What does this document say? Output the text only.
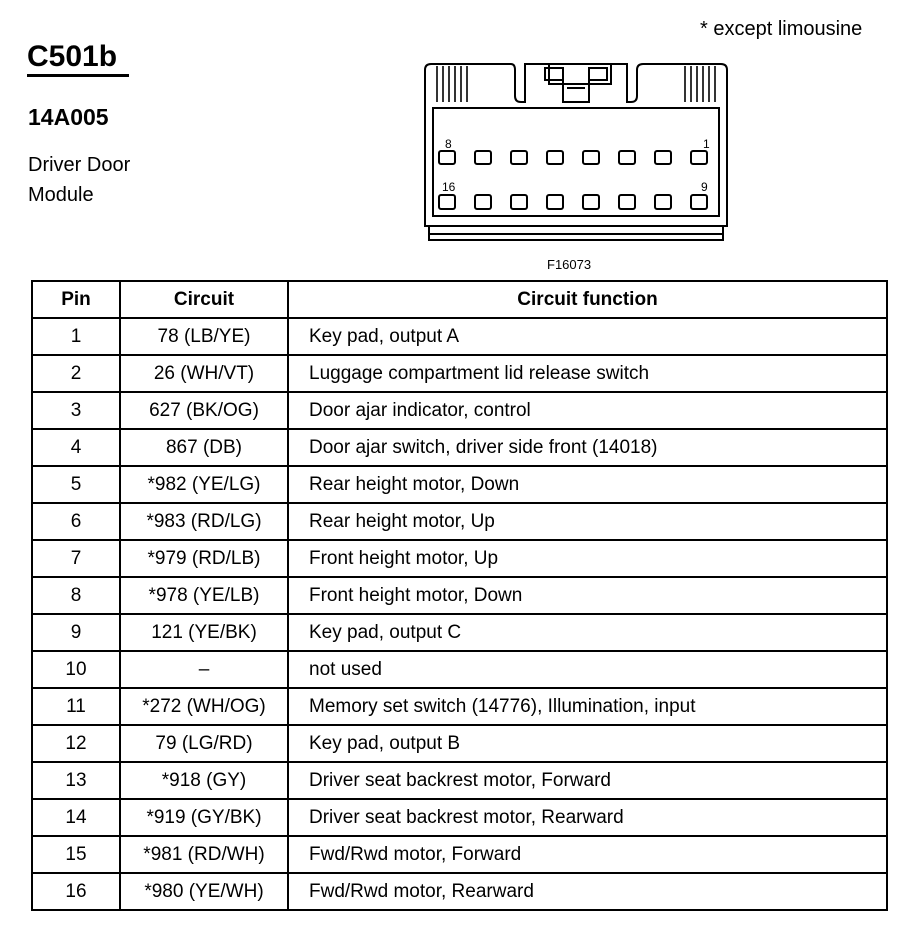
C501b
14A005
Driver Door
Module
* except limousine
8	1
16	9
F16073
Pin	Circuit	Circuit function
1	78 (LB/YE)	Key pad, output A
2	26 (WH/VT)	Luggage compartment lid release switch
3	627 (BK/OG)	Door ajar indicator, control
4	867 (DB)	Door ajar switch, driver side front (14018)
5	*982 (YE/LG)	Rear height motor, Down
6	*983 (RD/LG)	Rear height motor, Up
7	*979 (RD/LB)	Front height motor, Up
8	*978 (YE/LB)	Front height motor, Down
9	121 (YE/BK)	Key pad, output C
10	–	not used
11	*272 (WH/OG)	Memory set switch (14776), Illumination, input
12	79 (LG/RD)	Key pad, output B
13	*918 (GY)	Driver seat backrest motor, Forward
14	*919 (GY/BK)	Driver seat backrest motor, Rearward
15	*981 (RD/WH)	Fwd/Rwd motor, Forward
16	*980 (YE/WH)	Fwd/Rwd motor, Rearward
